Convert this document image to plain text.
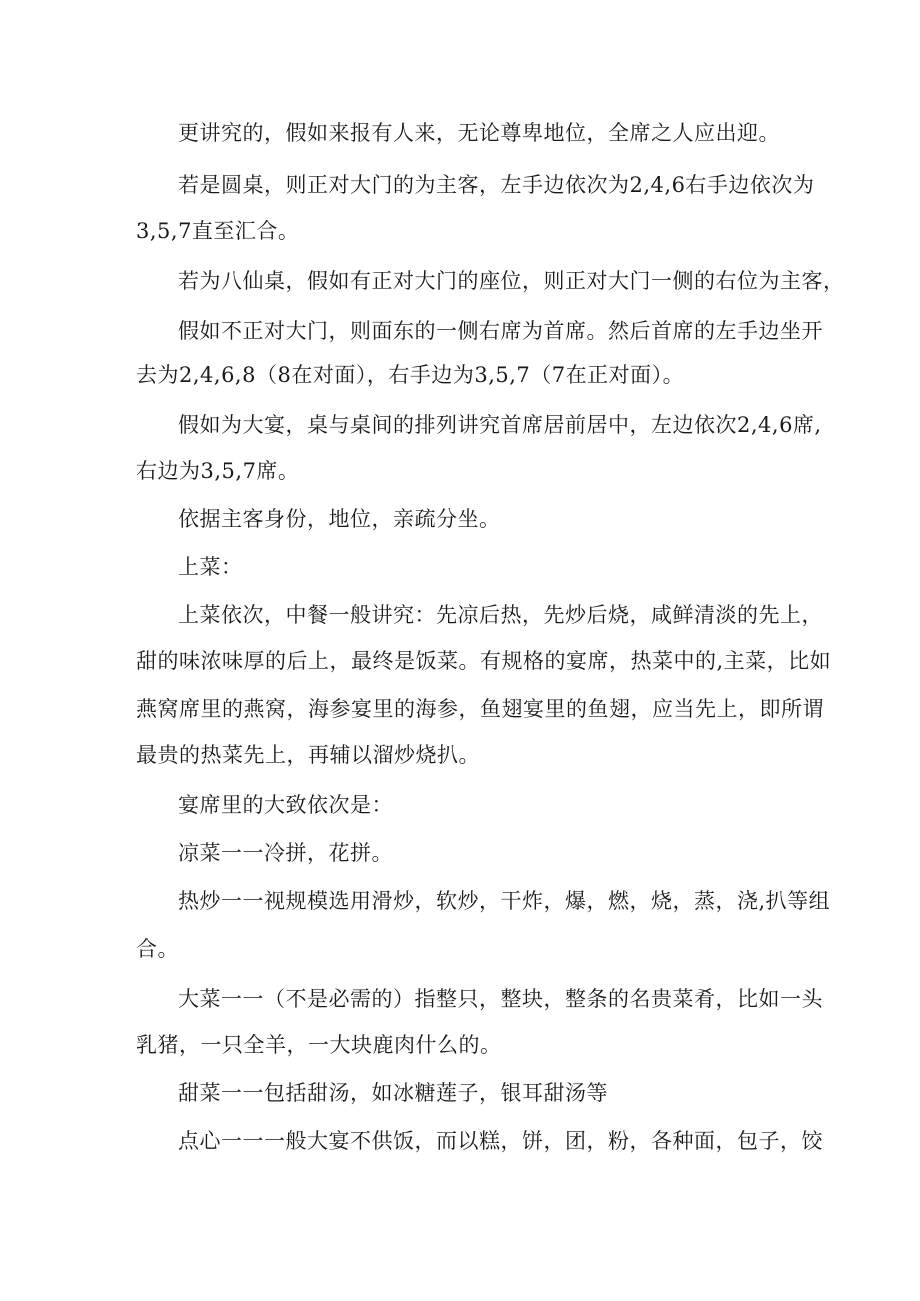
更讲究的，假如来报有人来，无论尊卑地位，全席之人应出迎。
若是圆桌，则正对大门的为主客，左手边依次为2,4,6右手边依次为
3,5,7直至汇合。
若为八仙桌，假如有正对大门的座位，则正对大门一侧的右位为主客，
假如不正对大门，则面东的一侧右席为首席。然后首席的左手边坐开
去为2,4,6,8（8在对面），右手边为3,5,7（7在正对面）。
假如为大宴，桌与桌间的排列讲究首席居前居中，左边依次2,4,6席,
右边为3,5,7席。
依据主客身份，地位，亲疏分坐。
上菜：
上菜依次，中餐一般讲究：先凉后热，先炒后烧，咸鲜清淡的先上，
甜的味浓味厚的后上，最终是饭菜。有规格的宴席，热菜中的,主菜，比如
燕窝席里的燕窝，海参宴里的海参，鱼翅宴里的鱼翅，应当先上，即所谓
最贵的热菜先上，再辅以溜炒烧扒。
宴席里的大致依次是：
凉菜一一冷拼，花拼。
热炒一一视规模选用滑炒，软炒，干炸，爆，燃，烧，蒸，浇,扒等组
合。
大菜一一（不是必需的）指整只，整块，整条的名贵菜肴，比如一头
乳猪，一只全羊，一大块鹿肉什么的。
甜菜一一包括甜汤，如冰糖莲子，银耳甜汤等
点心一一一般大宴不供饭，而以糕，饼，团，粉，各种面，包子，饺
